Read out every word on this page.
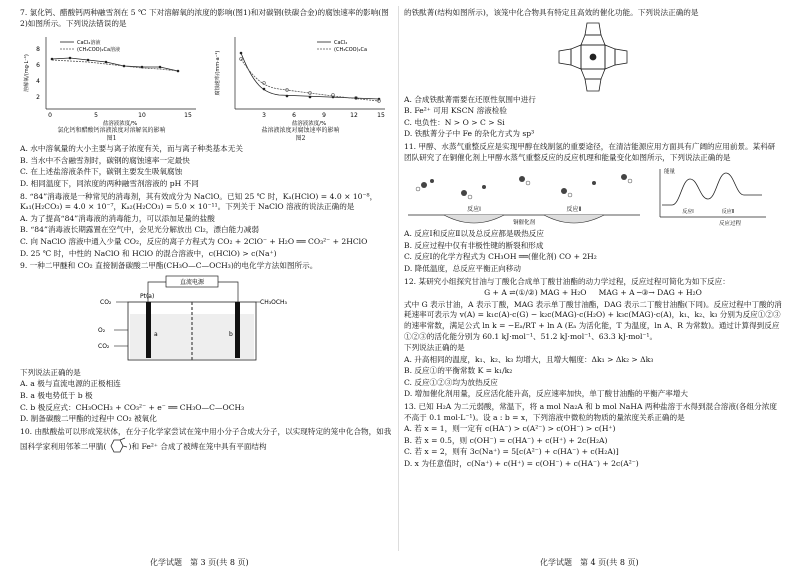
7. 氯化钙、醋酸钙两种融雪剂在 5 ℃ 下对溶解氧的浓度的影响(图1)和对碳钢(铁碳合金)的腐蚀速率的影响(图2)如图所示。下列说法错误的是

8
6
4
2
溶解氧/(mg·L⁻¹)
CaCl₂溶液
(CH₃COO)₂Ca溶液
0	5	10	15
盐溶液浓度/%
氯化钙和醋酸钙溶液浓度对溶解氧的影响
图1
腐蚀速率/(mm·a⁻¹)
CaCl₂
(CH₃COO)₂Ca
3	6	9	12	15
盐溶液浓度/%
盐溶液浓度对腐蚀速率的影响
图2

A. 水中溶氧量的大小主要与离子浓度有关，而与离子种类基本无关

B. 当水中不含融雪剂时，碳钢的腐蚀速率一定最快

C. 在上述盐溶液条件下，碳钢主要发生吸氧腐蚀

D. 相同温度下，同浓度的两种融雪剂溶液的 pH 不同

8. “84”消毒液是一种常见的消毒剂，其有效成分为 NaClO。已知 25 ℃ 时，Kₐ(HClO) = 4.0 × 10⁻⁸，Kₐ₁(H₂CO₃) = 4.0 × 10⁻⁷，Kₐ₂(H₂CO₃) = 5.0 × 10⁻¹¹。下列关于 NaClO 溶液的说法正确的是

A. 为了提高“84”消毒液的消毒能力，可以添加足量的盐酸

B. “84”消毒液长期露置在空气中，会见光分解放出 Cl₂，漂白能力减弱

C. 向 NaClO 溶液中通入少量 CO₂，反应的离子方程式为 CO₂ + 2ClO⁻ + H₂O ══ CO₃²⁻ + 2HClO

D. 25 ℃ 时，中性的 NaClO 和 HClO 的混合溶液中，c(HClO) > c(Na⁺)

9. 一种二甲醚和 CO₂ 直接制备碳酸二甲酯(CH₃O—C—OCH₃)的电化学方法如图所示。

直流电源
Pt(a)
a	b
CO₂	CH₃OCH₃
O₂
CO₂

下列说法正确的是

A. a 极与直流电源的正极相连

B. a 极电势低于 b 极

C. b 极反应式：CH₃OCH₃ + CO₃²⁻ + e⁻ ══ CH₃O—C—OCH₃

D. 制备碳酸二甲酯的过程中 CO₂ 被氧化

10. 由酞酸盐可以形成笼状体，在分子化学家尝试在笼中用小分子合成大分子，以实现特定的笼中化合物，如我国科学家利用邻苯二甲腈(	)和 Fe²⁺ 合成了被缚在笼中具有平面结构

化学试题　第 3 页(共 8 页)

的铁酞菁(结构如图所示)，该笼中化合物具有特定且高效的催化功能。下列说法正确的是

A. 合成铁酞菁需要在还原性氛围中进行

B. Fe²⁺ 可用 KSCN 溶液检验

C. 电负性：N > O > C > Si

D. 铁酞菁分子中 Fe 的杂化方式为 sp³

11. 甲醇、水蒸气重整反应是实现甲醇在线制氢的重要途径，在清洁能源应用方面具有广阔的应用前景。某科研团队研究了在铜催化剂上甲醇水蒸气重整反应的反应机理和能量变化如图所示，下列说法正确的是

反应Ⅰ	反应Ⅱ
铜催化剂
能量
反应Ⅰ	反应Ⅱ
反应过程

A. 反应Ⅰ和反应Ⅱ以及总反应都是吸热反应

B. 反应过程中仅有非极性键的断裂和形成

C. 反应Ⅰ的化学方程式为 CH₃OH ══(催化剂) CO + 2H₂

D. 降低温度，总反应平衡正向移动

12. 某研究小组探究甘油与丁酸化合成单丁酸甘油酯的动力学过程，反应过程可简化为如下反应：

G + A ⇌(①/②) MAG + H₂O MAG + A ─③→ DAG + H₂O

式中 G 表示甘油，A 表示丁酸，MAG 表示单丁酸甘油酯，DAG 表示二丁酸甘油酯(下同)。反应过程中丁酸的消耗速率可表示为 v(A) = k₁c(A)·c(G) − k₂c(MAG)·c(H₂O) + k₃c(MAG)·c(A)，k₁、k₂、k₃ 分别为反应①②③的速率常数，满足公式 ln k = −Eₐ/RT + ln A (Eₐ 为活化能，T 为温度，ln A、R 为常数)。通过计算得到反应①②③的活化能分别为 60.1 kJ·mol⁻¹、51.2 kJ·mol⁻¹、63.3 kJ·mol⁻¹。

下列说法正确的是

A. 升高相同的温度，k₁、k₂、k₃ 均增大，且增大幅度：Δk₁ > Δk₂ > Δk₃

B. 反应①的平衡常数 K = k₁/k₂

C. 反应①②③均为放热反应

D. 增加催化剂用量，反应活化能升高，反应速率加快，单丁酸甘油酯的平衡产率增大

13. 已知 H₂A 为二元弱酸，常温下，将 a mol Na₂A 和 b mol NaHA 两种盐溶于水得到混合溶液(各组分浓度不高于 0.1 mol·L⁻¹)。设 a : b = x，下列溶液中微粒的物质的量浓度关系正确的是

A. 若 x = 1，则一定有 c(HA⁻) > c(A²⁻) > c(OH⁻) > c(H⁺)

B. 若 x = 0.5，则 c(OH⁻) = c(HA⁻) + c(H⁺) + 2c(H₂A)

C. 若 x = 2，则有 3c(Na⁺) = 5[c(A²⁻) + c(HA⁻) + c(H₂A)]

D. x 为任意值时，c(Na⁺) + c(H⁺) = c(OH⁻) + c(HA⁻) + 2c(A²⁻)

化学试题　第 4 页(共 8 页)
